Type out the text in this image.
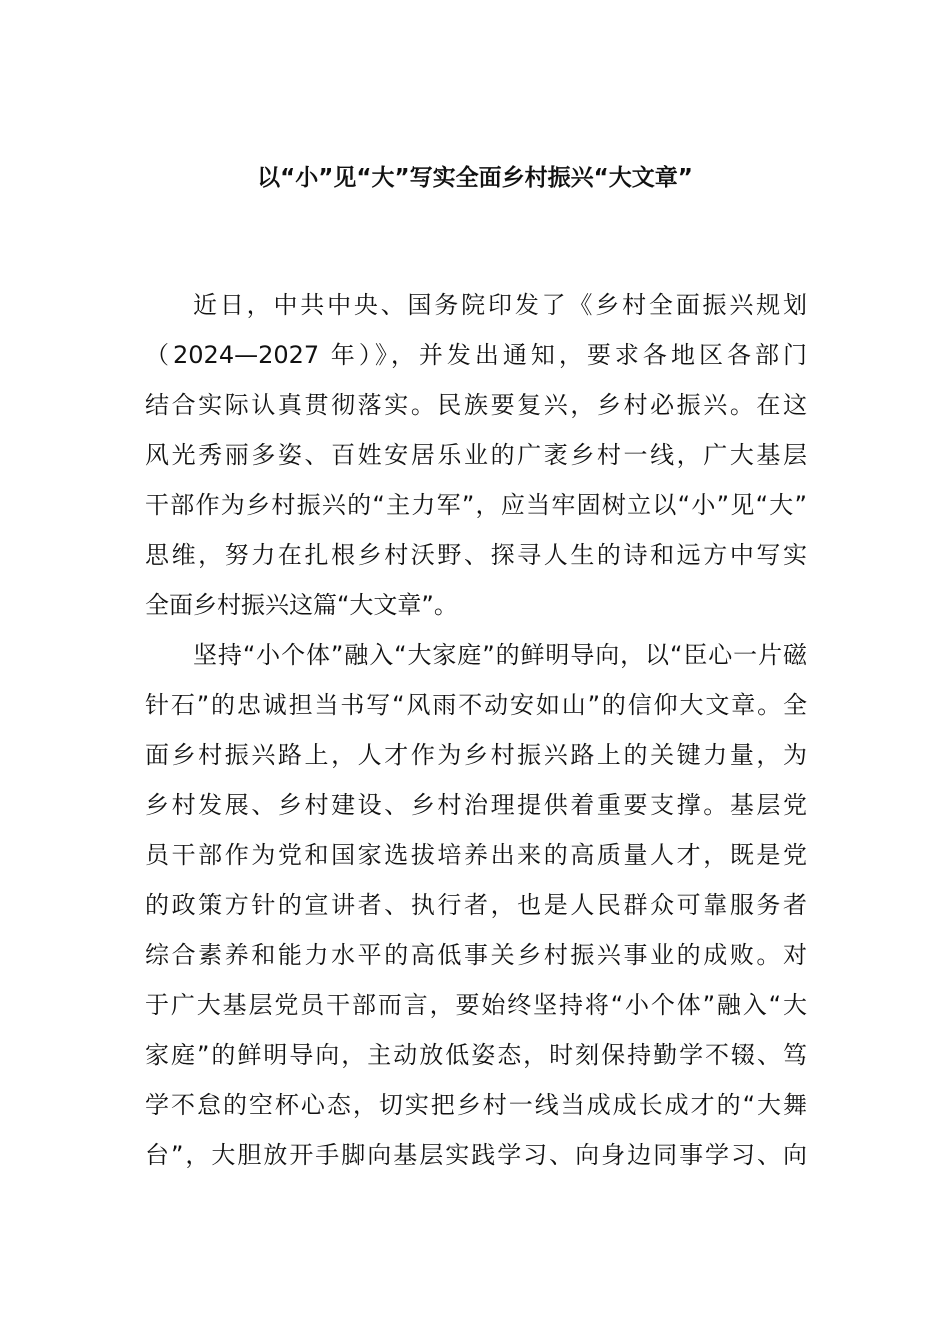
以“小”见“大”写实全面乡村振兴“大文章”
近日，中共中央、国务院印发了《乡村全面振兴规划
（2024—2027 年）》，并发出通知，要求各地区各部门
结合实际认真贯彻落实。民族要复兴，乡村必振兴。在这
风光秀丽多姿、百姓安居乐业的广袤乡村一线，广大基层
干部作为乡村振兴的“主力军”，应当牢固树立以“小”见“大”
思维，努力在扎根乡村沃野、探寻人生的诗和远方中写实
全面乡村振兴这篇“大文章”。
坚持“小个体”融入“大家庭”的鲜明导向，以“臣心一片磁
针石”的忠诚担当书写“风雨不动安如山”的信仰大文章。全
面乡村振兴路上，人才作为乡村振兴路上的关键力量，为
乡村发展、乡村建设、乡村治理提供着重要支撑。基层党
员干部作为党和国家选拔培养出来的高质量人才，既是党
的政策方针的宣讲者、执行者，也是人民群众可靠服务者
综合素养和能力水平的高低事关乡村振兴事业的成败。对
于广大基层党员干部而言，要始终坚持将“小个体”融入“大
家庭”的鲜明导向，主动放低姿态，时刻保持勤学不辍、笃
学不怠的空杯心态，切实把乡村一线当成成长成才的“大舞
台”，大胆放开手脚向基层实践学习、向身边同事学习、向
